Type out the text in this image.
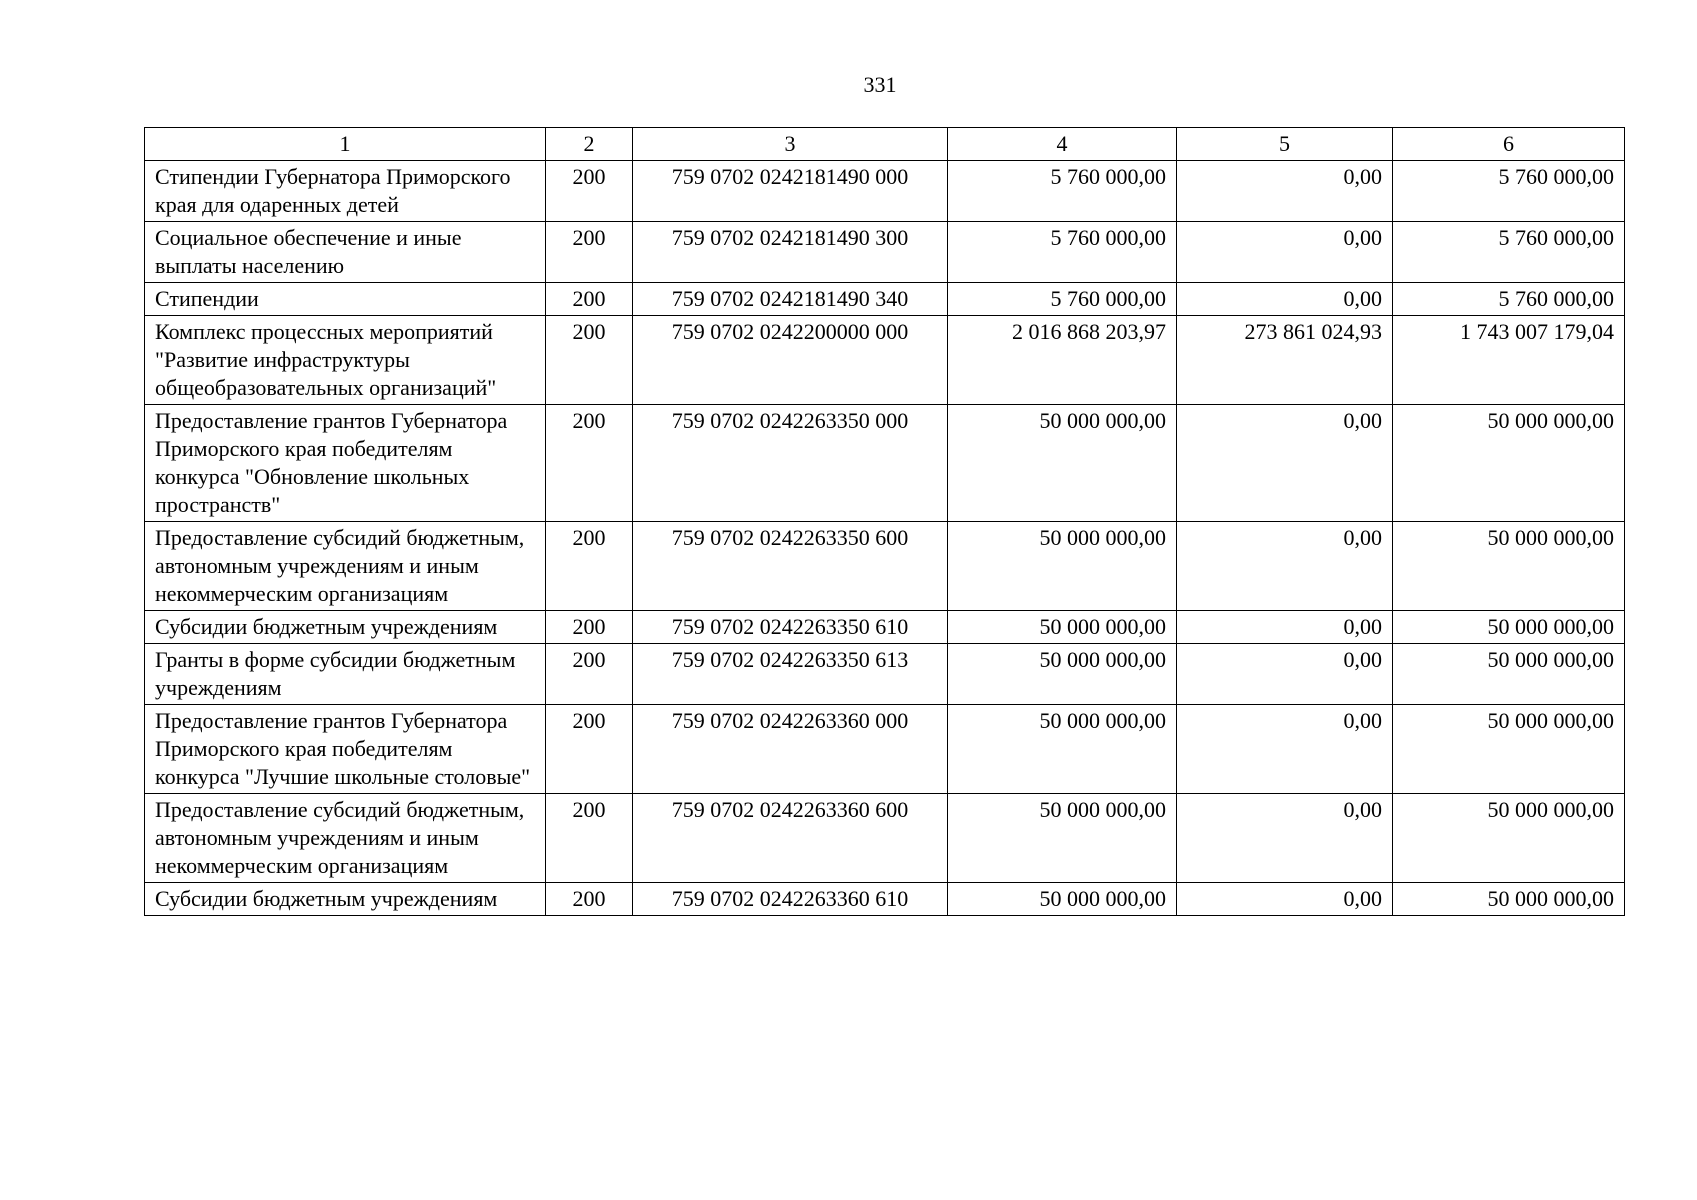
331
1	2	3	4	5	6
Стипендии Губернатора Приморского края для одаренных детей	200	759 0702 0242181490 000	5 760 000,00	0,00	5 760 000,00
Социальное обеспечение и иные выплаты населению	200	759 0702 0242181490 300	5 760 000,00	0,00	5 760 000,00
Стипендии	200	759 0702 0242181490 340	5 760 000,00	0,00	5 760 000,00
Комплекс процессных мероприятий "Развитие инфраструктуры общеобразовательных организаций"	200	759 0702 0242200000 000	2 016 868 203,97	273 861 024,93	1 743 007 179,04
Предоставление грантов Губернатора Приморского края победителям конкурса "Обновление школьных пространств"	200	759 0702 0242263350 000	50 000 000,00	0,00	50 000 000,00
Предоставление субсидий бюджетным, автономным учреждениям и иным некоммерческим организациям	200	759 0702 0242263350 600	50 000 000,00	0,00	50 000 000,00
Субсидии бюджетным учреждениям	200	759 0702 0242263350 610	50 000 000,00	0,00	50 000 000,00
Гранты в форме субсидии бюджетным учреждениям	200	759 0702 0242263350 613	50 000 000,00	0,00	50 000 000,00
Предоставление грантов Губернатора Приморского края победителям конкурса "Лучшие школьные столовые"	200	759 0702 0242263360 000	50 000 000,00	0,00	50 000 000,00
Предоставление субсидий бюджетным, автономным учреждениям и иным некоммерческим организациям	200	759 0702 0242263360 600	50 000 000,00	0,00	50 000 000,00
Субсидии бюджетным учреждениям	200	759 0702 0242263360 610	50 000 000,00	0,00	50 000 000,00
